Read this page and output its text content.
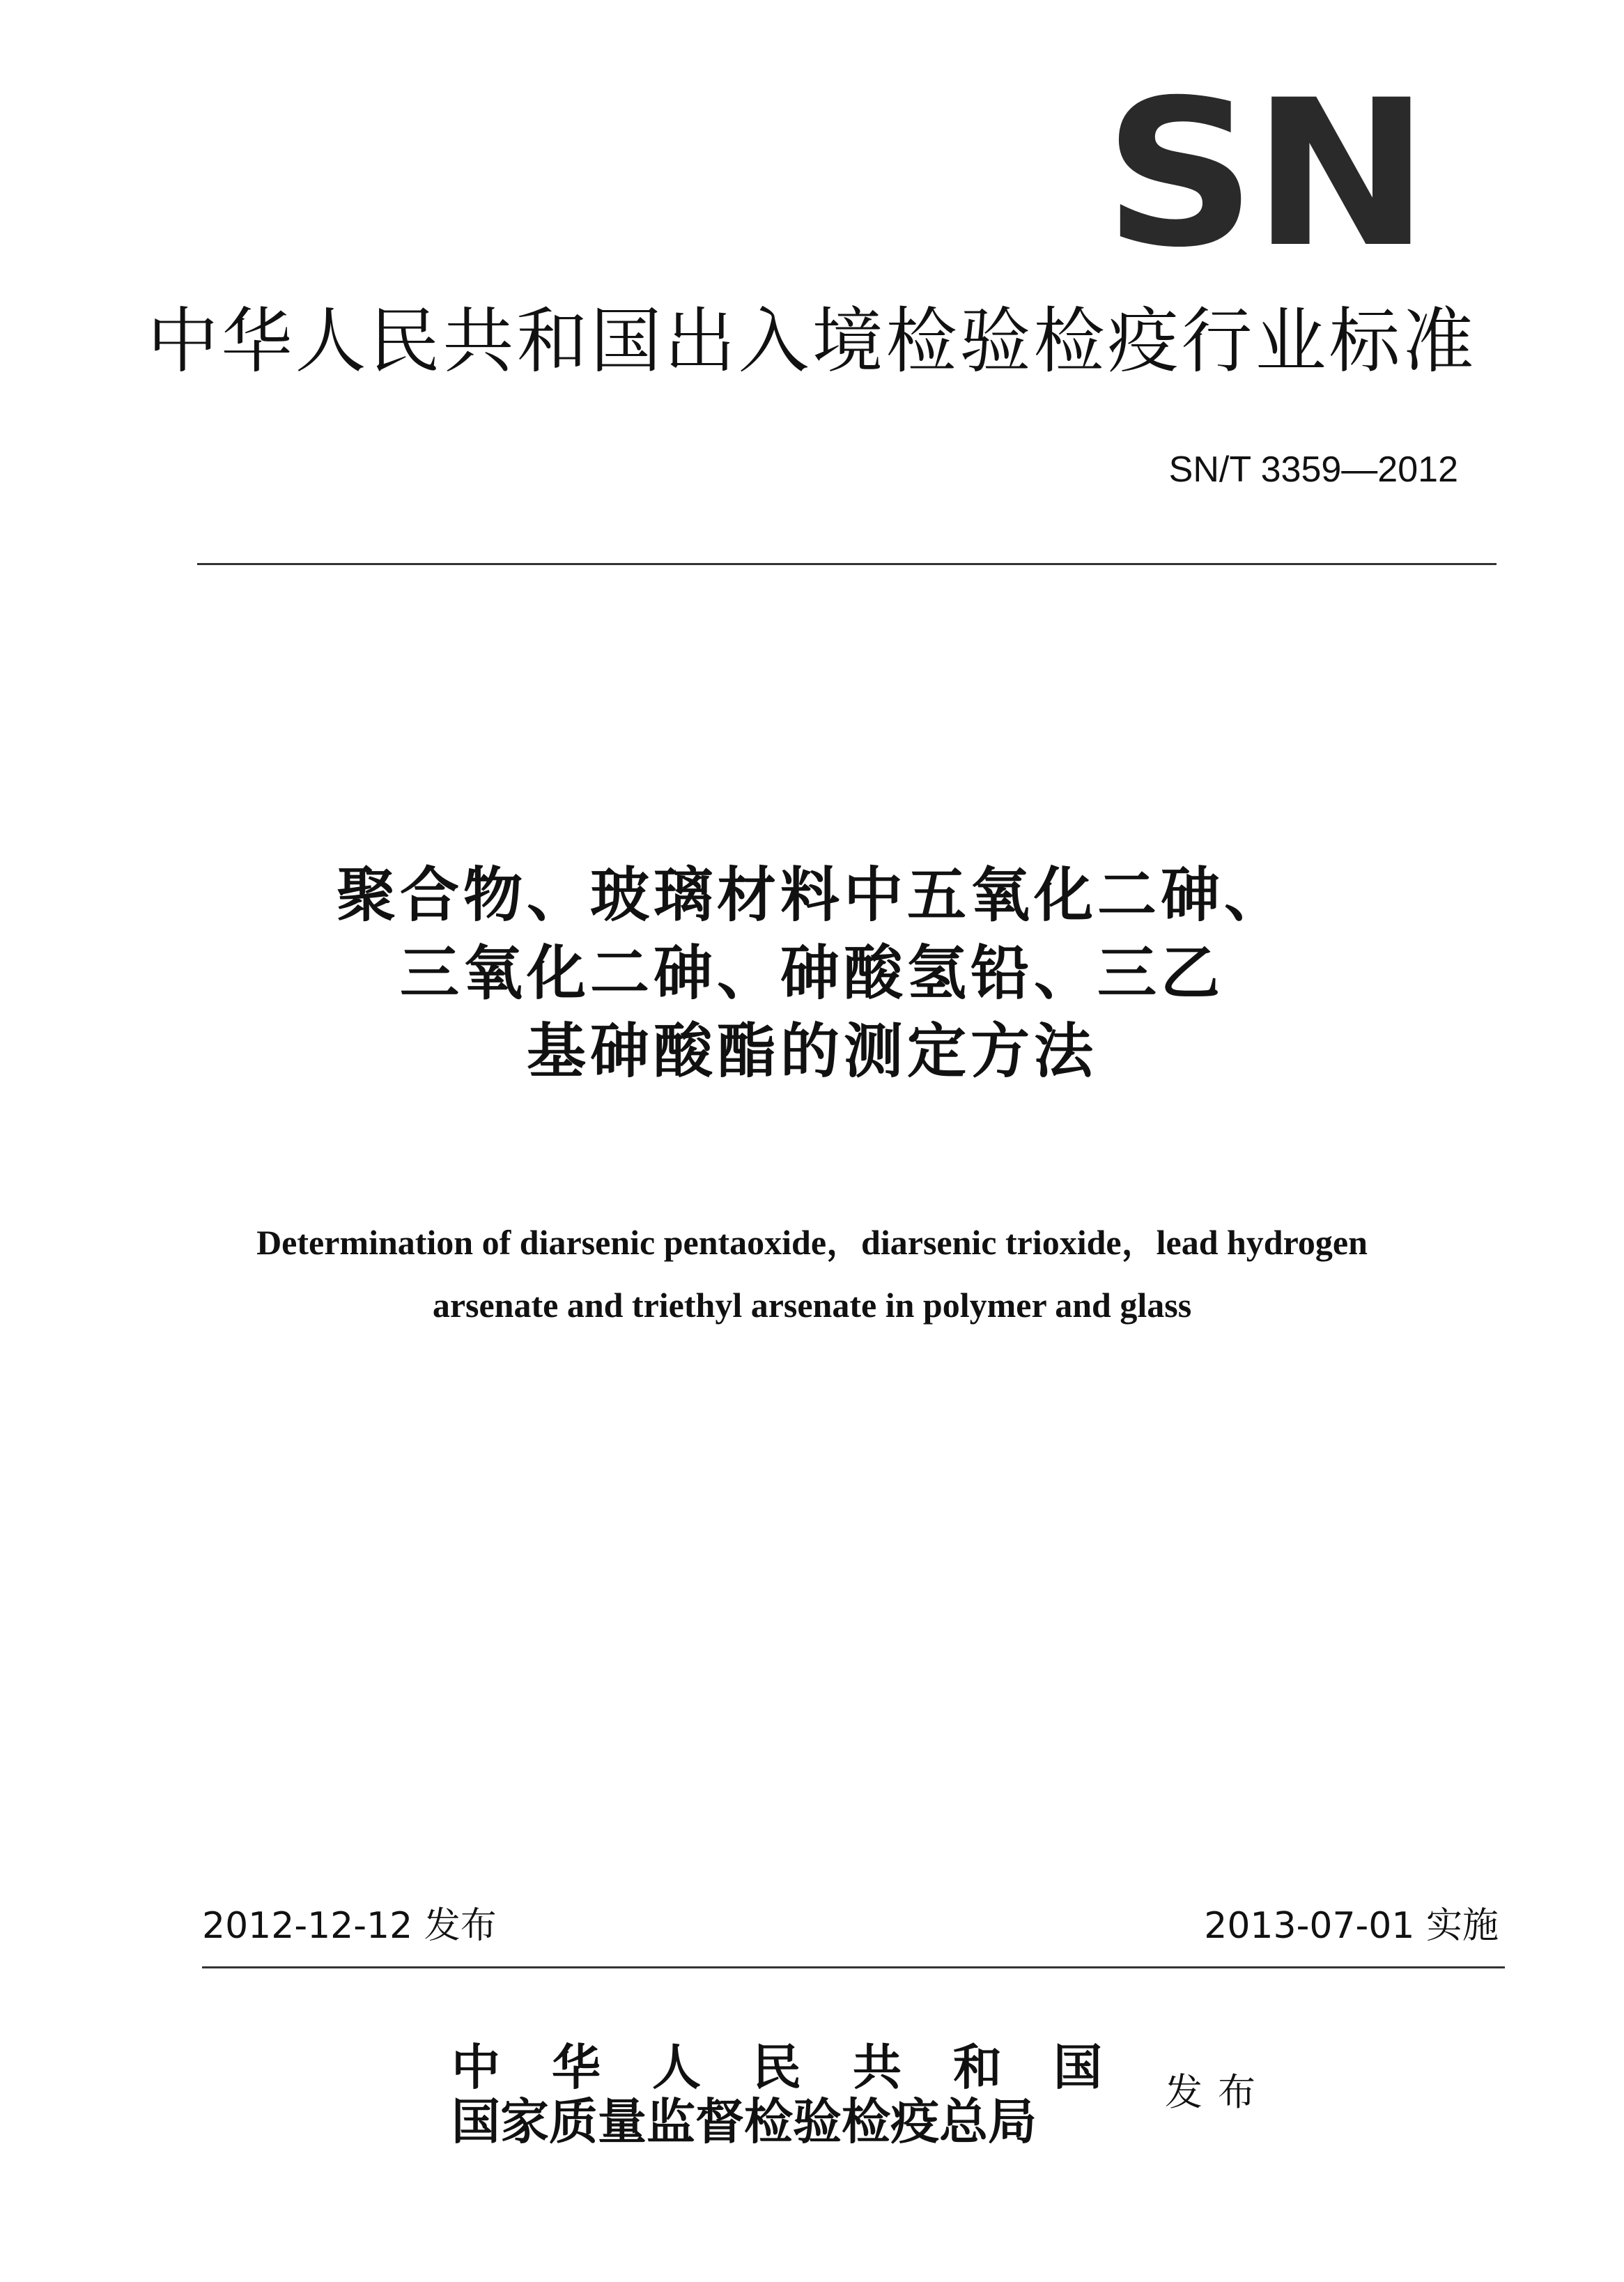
SN
中华人民共和国出入境检验检疫行业标准
SN/T 3359—2012
聚合物、玻璃材料中五氧化二砷、
三氧化二砷、砷酸氢铅、三乙
基砷酸酯的测定方法
Determination of diarsenic pentaoxide，diarsenic trioxide，lead hydrogen
arsenate and triethyl arsenate in polymer and glass
2012-12-12 发布	2013-07-01 实施
中华人民共和国
国家质量监督检验检疫总局
发布
